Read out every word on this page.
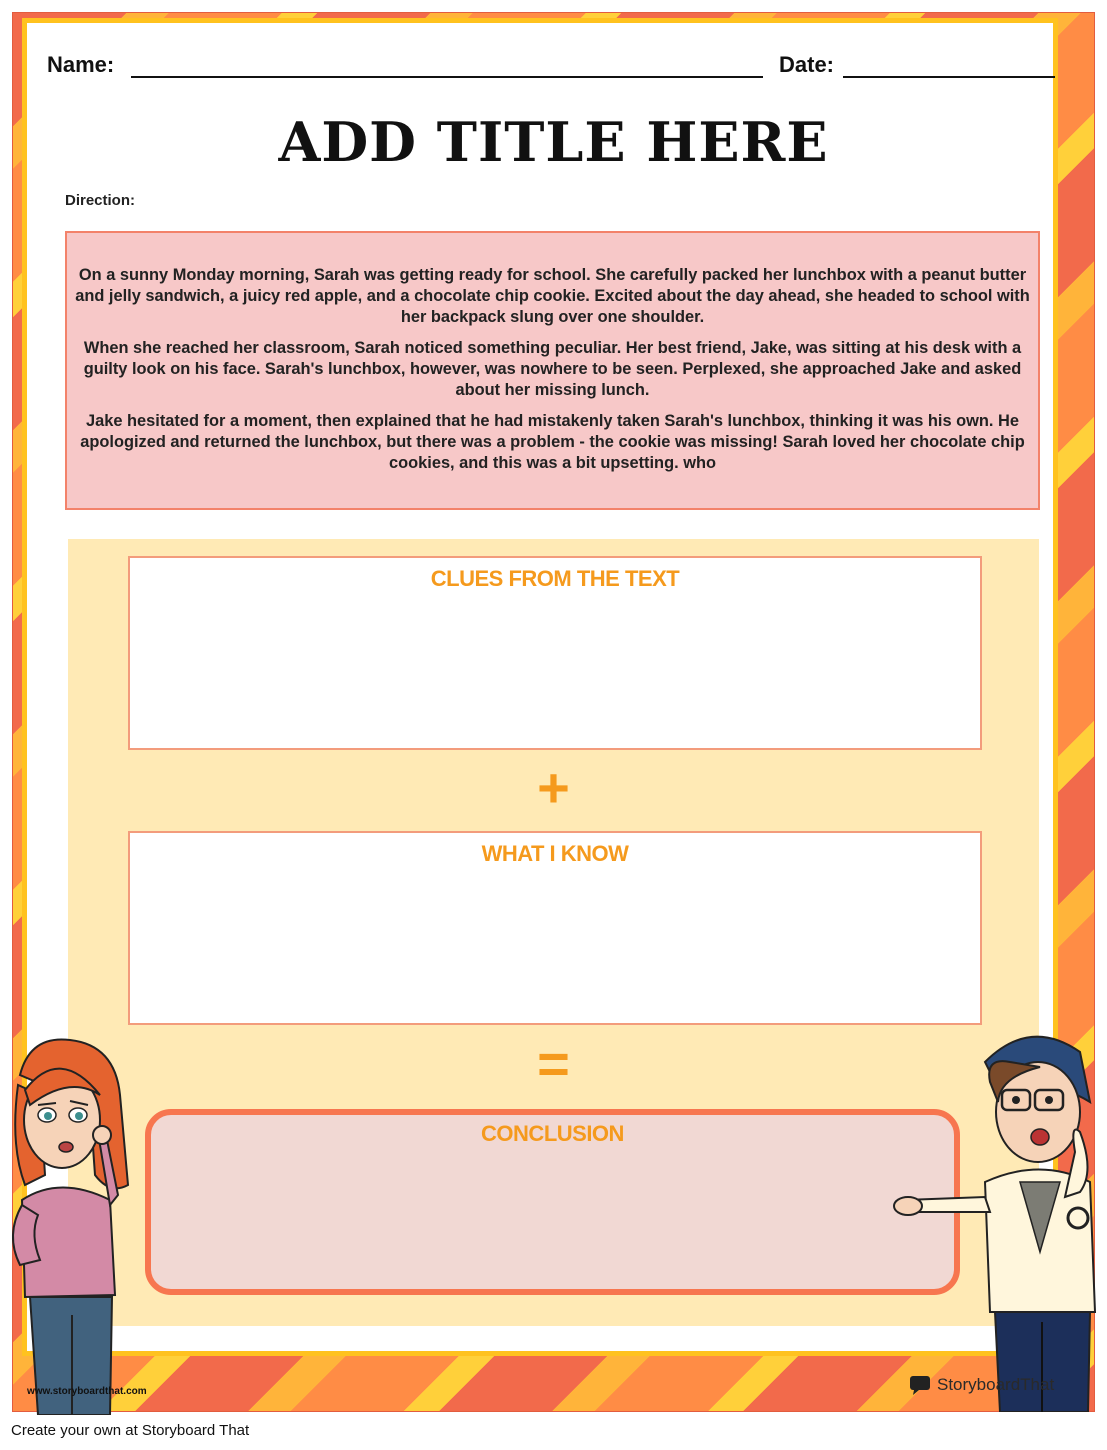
Name:	Date:
ADD TITLE HERE
Direction:

On a sunny Monday morning, Sarah was getting ready for school. She carefully packed her lunchbox with a peanut butter and jelly sandwich, a juicy red apple, and a chocolate chip cookie. Excited about the day ahead, she headed to school with her backpack slung over one shoulder.

When she reached her classroom, Sarah noticed something peculiar. Her best friend, Jake, was sitting at his desk with a guilty look on his face. Sarah's lunchbox, however, was nowhere to be seen. Perplexed, she approached Jake and asked about her missing lunch.

Jake hesitated for a moment, then explained that he had mistakenly taken Sarah's lunchbox, thinking it was his own. He apologized and returned the lunchbox, but there was a problem - the cookie was missing! Sarah loved her chocolate chip cookies, and this was a bit upsetting. who

CLUES FROM THE TEXT
+
WHAT I KNOW
=
CONCLUSION
www.storyboardthat.com	StoryboardThat
Create your own at Storyboard That
